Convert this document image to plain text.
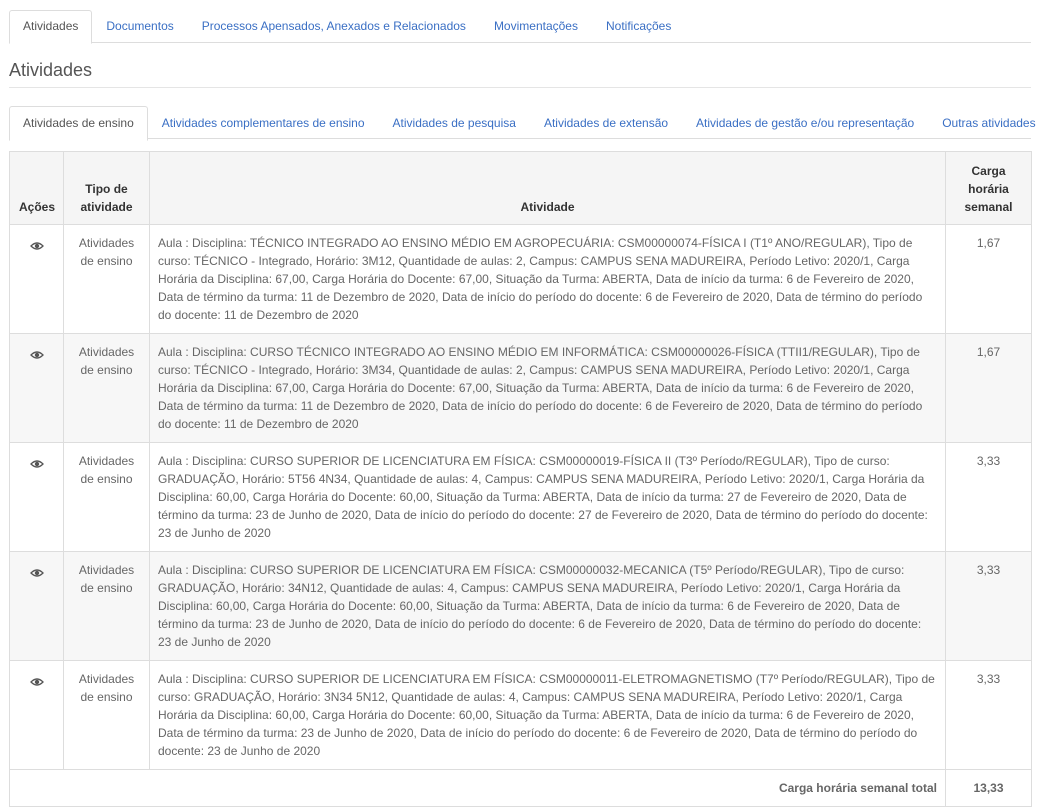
Atividades	Documentos	Processos Apensados, Anexados e Relacionados	Movimentações	Notificações
Atividades
Atividades de ensino	Atividades complementares de ensino	Atividades de pesquisa	Atividades de extensão	Atividades de gestão e/ou representação	Outras atividades
Ações	Tipo de atividade	Atividade	Carga horária semanal
	Atividades de ensino	Aula : Disciplina: TÉCNICO INTEGRADO AO ENSINO MÉDIO EM AGROPECUÁRIA: CSM00000074-FÍSICA I (T1º ANO/REGULAR), Tipo de curso: TÉCNICO - Integrado, Horário: 3M12, Quantidade de aulas: 2, Campus: CAMPUS SENA MADUREIRA, Período Letivo: 2020/1, Carga Horária da Disciplina: 67,00, Carga Horária do Docente: 67,00, Situação da Turma: ABERTA, Data de início da turma: 6 de Fevereiro de 2020, Data de término da turma: 11 de Dezembro de 2020, Data de início do período do docente: 6 de Fevereiro de 2020, Data de término do período do docente: 11 de Dezembro de 2020	1,67
	Atividades de ensino	Aula : Disciplina: CURSO TÉCNICO INTEGRADO AO ENSINO MÉDIO EM INFORMÁTICA: CSM00000026-FÍSICA (TTII1/REGULAR), Tipo de curso: TÉCNICO - Integrado, Horário: 3M34, Quantidade de aulas: 2, Campus: CAMPUS SENA MADUREIRA, Período Letivo: 2020/1, Carga Horária da Disciplina: 67,00, Carga Horária do Docente: 67,00, Situação da Turma: ABERTA, Data de início da turma: 6 de Fevereiro de 2020, Data de término da turma: 11 de Dezembro de 2020, Data de início do período do docente: 6 de Fevereiro de 2020, Data de término do período do docente: 11 de Dezembro de 2020	1,67
	Atividades de ensino	Aula : Disciplina: CURSO SUPERIOR DE LICENCIATURA EM FÍSICA: CSM00000019-FÍSICA II (T3º Período/REGULAR), Tipo de curso: GRADUAÇÃO, Horário: 5T56 4N34, Quantidade de aulas: 4, Campus: CAMPUS SENA MADUREIRA, Período Letivo: 2020/1, Carga Horária da Disciplina: 60,00, Carga Horária do Docente: 60,00, Situação da Turma: ABERTA, Data de início da turma: 27 de Fevereiro de 2020, Data de término da turma: 23 de Junho de 2020, Data de início do período do docente: 27 de Fevereiro de 2020, Data de término do período do docente: 23 de Junho de 2020	3,33
	Atividades de ensino	Aula : Disciplina: CURSO SUPERIOR DE LICENCIATURA EM FÍSICA: CSM00000032-MECANICA (T5º Período/REGULAR), Tipo de curso: GRADUAÇÃO, Horário: 34N12, Quantidade de aulas: 4, Campus: CAMPUS SENA MADUREIRA, Período Letivo: 2020/1, Carga Horária da Disciplina: 60,00, Carga Horária do Docente: 60,00, Situação da Turma: ABERTA, Data de início da turma: 6 de Fevereiro de 2020, Data de término da turma: 23 de Junho de 2020, Data de início do período do docente: 6 de Fevereiro de 2020, Data de término do período do docente: 23 de Junho de 2020	3,33
	Atividades de ensino	Aula : Disciplina: CURSO SUPERIOR DE LICENCIATURA EM FÍSICA: CSM00000011-ELETROMAGNETISMO (T7º Período/REGULAR), Tipo de curso: GRADUAÇÃO, Horário: 3N34 5N12, Quantidade de aulas: 4, Campus: CAMPUS SENA MADUREIRA, Período Letivo: 2020/1, Carga Horária da Disciplina: 60,00, Carga Horária do Docente: 60,00, Situação da Turma: ABERTA, Data de início da turma: 6 de Fevereiro de 2020, Data de término da turma: 23 de Junho de 2020, Data de início do período do docente: 6 de Fevereiro de 2020, Data de término do período do docente: 23 de Junho de 2020	3,33
Carga horária semanal total			13,33
